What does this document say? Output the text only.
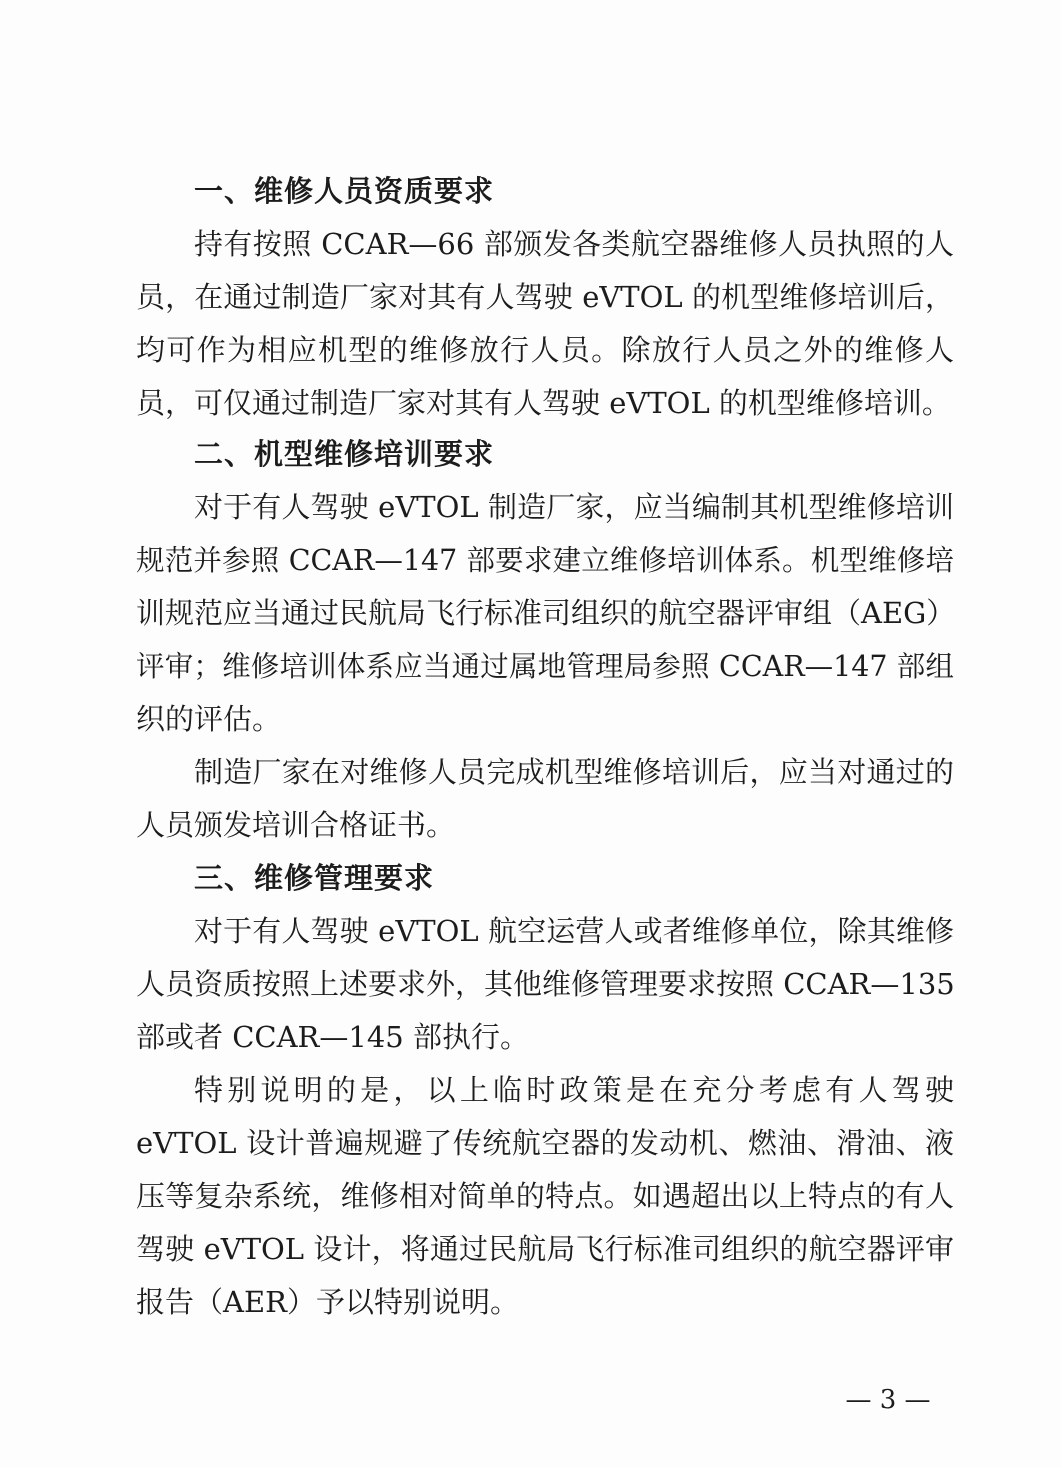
一、维修人员资质要求
持有按照 CCAR—66 部颁发各类航空器维修人员执照的人
员，在通过制造厂家对其有人驾驶 eVTOL 的机型维修培训后，
均可作为相应机型的维修放行人员。除放行人员之外的维修人
员，可仅通过制造厂家对其有人驾驶 eVTOL 的机型维修培训。
二、机型维修培训要求
对于有人驾驶 eVTOL 制造厂家，应当编制其机型维修培训
规范并参照 CCAR—147 部要求建立维修培训体系。机型维修培
训规范应当通过民航局飞行标准司组织的航空器评审组（AEG）
评审；维修培训体系应当通过属地管理局参照 CCAR—147 部组
织的评估。
制造厂家在对维修人员完成机型维修培训后，应当对通过的
人员颁发培训合格证书。
三、维修管理要求
对于有人驾驶 eVTOL 航空运营人或者维修单位，除其维修
人员资质按照上述要求外，其他维修管理要求按照 CCAR—135
部或者 CCAR—145 部执行。
特别说明的是，以上临时政策是在充分考虑有人驾驶
eVTOL 设计普遍规避了传统航空器的发动机、燃油、滑油、液
压等复杂系统，维修相对简单的特点。如遇超出以上特点的有人
驾驶 eVTOL 设计，将通过民航局飞行标准司组织的航空器评审
报告（AER）予以特别说明。
— 3 —
